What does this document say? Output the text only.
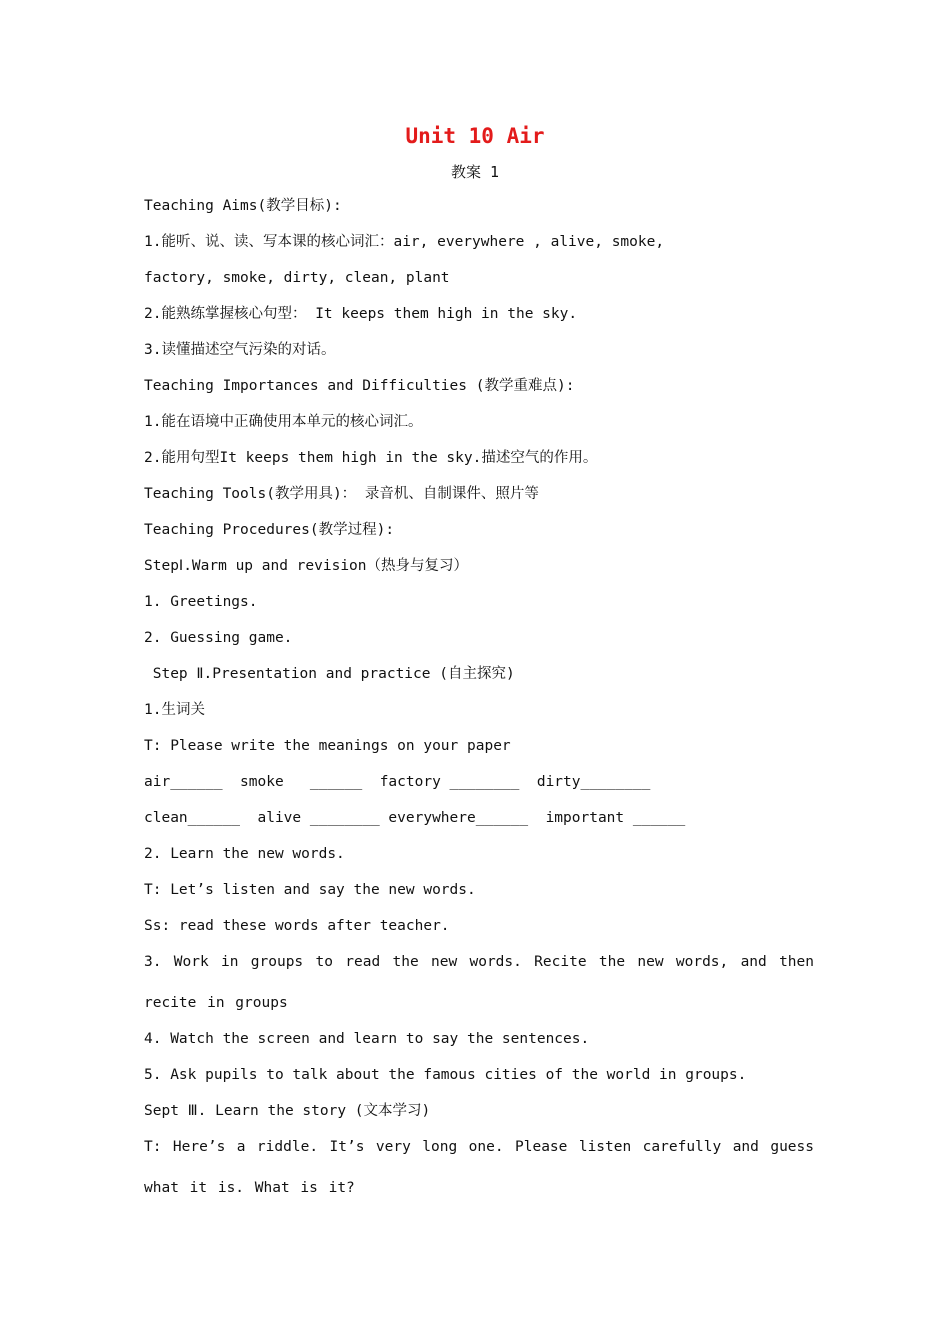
Unit 10 Air
教案 1
Teaching Aims(教学目标):
1.能听、说、读、写本课的核心词汇：air, everywhere , alive, smoke,
factory, smoke, dirty, clean, plant
2.能熟练掌握核心句型： It keeps them high in the sky.
3.读懂描述空气污染的对话。
Teaching Importances and Difficulties (教学重难点):
1.能在语境中正确使用本单元的核心词汇。
2.能用句型It keeps them high in the sky.描述空气的作用。
Teaching Tools(教学用具)： 录音机、自制课件、照片等
Teaching Procedures(教学过程):
StepⅠ.Warm up and revision（热身与复习）
1. Greetings.
2. Guessing game.
Step Ⅱ.Presentation and practice (自主探究)
1.生词关
T: Please write the meanings on your paper
air______  smoke   ______  factory ________  dirty________
clean______  alive ________ everywhere______  important ______
2. Learn the new words.
T: Let’s listen and say the new words.
Ss: read these words after teacher.
3. Work in groups to read the new words. Recite the new words, and then recite in groups
4. Watch the screen and learn to say the sentences.
5. Ask pupils to talk about the famous cities of the world in groups.
Sept Ⅲ. Learn the story (文本学习)
T: Here’s a riddle. It’s very long one. Please listen carefully and guess what it is. What is it?
